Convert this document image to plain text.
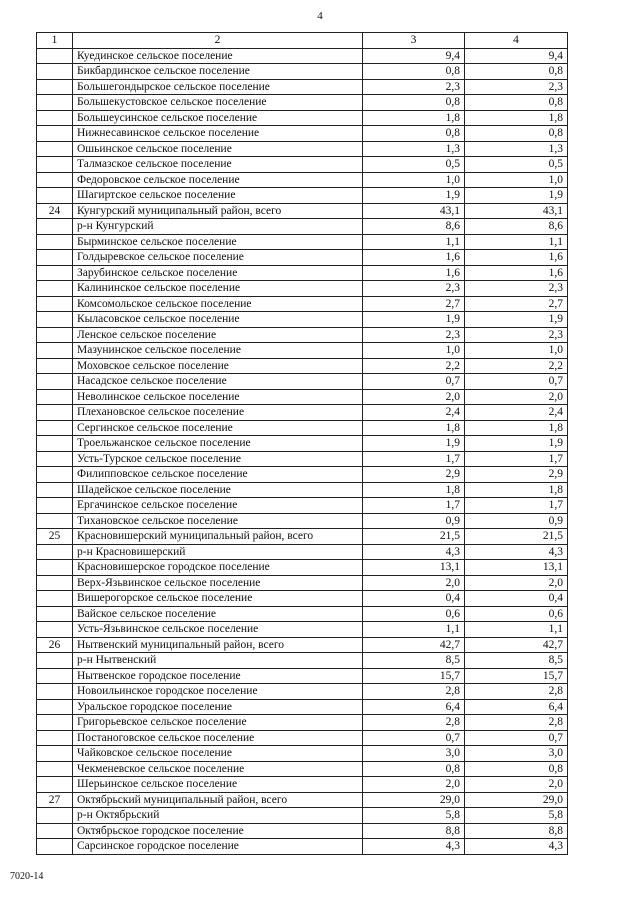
4
1	2	3	4
	Куединское сельское поселение	9,4	9,4
	Бикбардинское сельское поселение	0,8	0,8
	Большегондырское сельское поселение	2,3	2,3
	Большекустовское сельское поселение	0,8	0,8
	Большеусинское сельское поселение	1,8	1,8
	Нижнесавинское сельское поселение	0,8	0,8
	Ошьинское сельское поселение	1,3	1,3
	Талмазское сельское поселение	0,5	0,5
	Федоровское сельское поселение	1,0	1,0
	Шагиртское сельское поселение	1,9	1,9
24	Кунгурский муниципальный район, всего	43,1	43,1
	р-н Кунгурский	8,6	8,6
	Бырминское сельское поселение	1,1	1,1
	Голдыревское сельское поселение	1,6	1,6
	Зарубинское сельское поселение	1,6	1,6
	Калининское сельское поселение	2,3	2,3
	Комсомольское сельское поселение	2,7	2,7
	Кыласовское сельское поселение	1,9	1,9
	Ленское сельское поселение	2,3	2,3
	Мазунинское сельское поселение	1,0	1,0
	Моховское сельское поселение	2,2	2,2
	Насадское сельское поселение	0,7	0,7
	Неволинское сельское поселение	2,0	2,0
	Плехановское сельское поселение	2,4	2,4
	Сергинское сельское поселение	1,8	1,8
	Троельжанское сельское поселение	1,9	1,9
	Усть-Турское сельское поселение	1,7	1,7
	Филипповское сельское поселение	2,9	2,9
	Шадейское сельское поселение	1,8	1,8
	Ергачинское сельское поселение	1,7	1,7
	Тихановское сельское поселение	0,9	0,9
25	Красновишерский муниципальный район, всего	21,5	21,5
	р-н Красновишерский	4,3	4,3
	Красновишерское городское поселение	13,1	13,1
	Верх-Язьвинское сельское поселение	2,0	2,0
	Вишерогорское сельское поселение	0,4	0,4
	Вайское сельское поселение	0,6	0,6
	Усть-Язьвинское сельское поселение	1,1	1,1
26	Нытвенский муниципальный район, всего	42,7	42,7
	р-н Нытвенский	8,5	8,5
	Нытвенское городское поселение	15,7	15,7
	Новоильинское городское поселение	2,8	2,8
	Уральское городское поселение	6,4	6,4
	Григорьевское сельское поселение	2,8	2,8
	Постаноговское сельское поселение	0,7	0,7
	Чайковское сельское поселение	3,0	3,0
	Чекменевское сельское поселение	0,8	0,8
	Шерьинское сельское поселение	2,0	2,0
27	Октябрьский муниципальный район, всего	29,0	29,0
	р-н Октябрьский	5,8	5,8
	Октябрьское городское поселение	8,8	8,8
	Сарсинское городское поселение	4,3	4,3
7020-14
